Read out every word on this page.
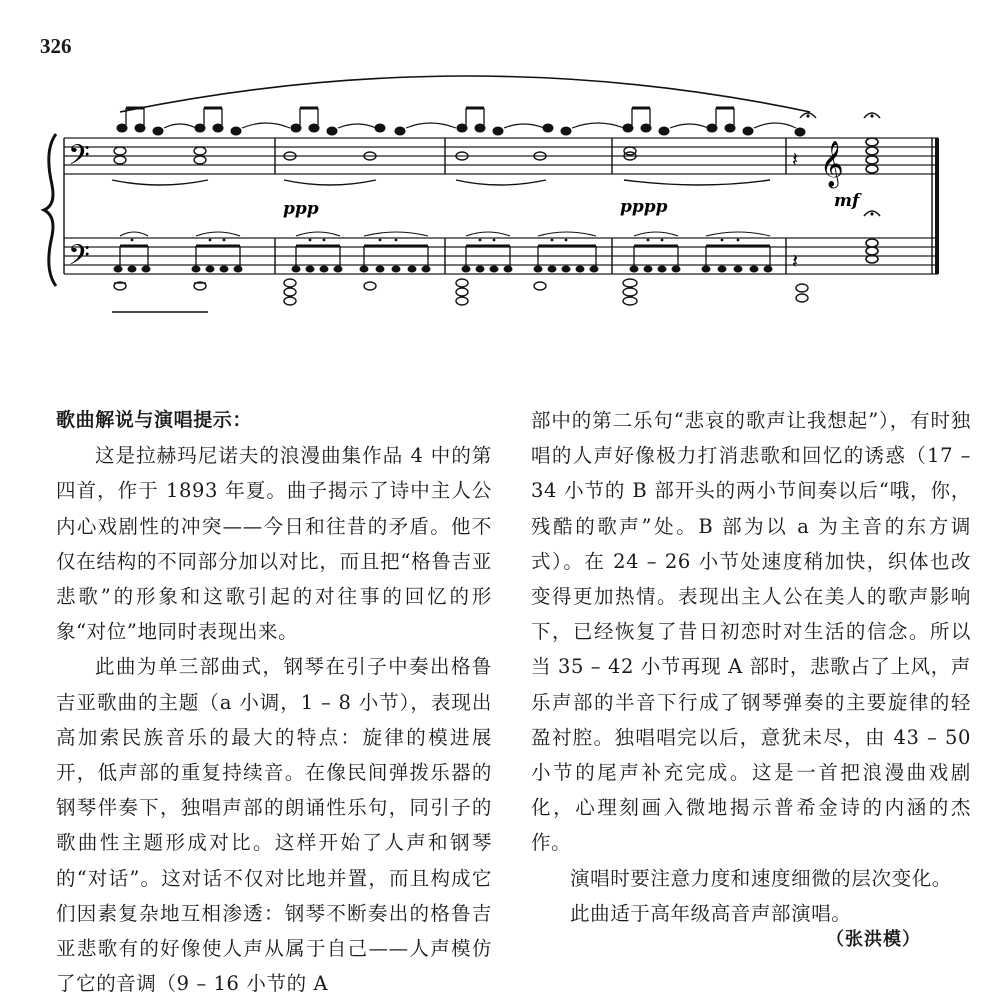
326
𝄢
𝄢
𝄞
ppp	pppp	mf
𝄽
𝄽

歌曲解说与演唱提示：

这是拉赫玛尼诺夫的浪漫曲集作品 4 中的第四首，作于 1893 年夏。曲子揭示了诗中主人公内心戏剧性的冲突——今日和往昔的矛盾。他不仅在结构的不同部分加以对比，而且把“格鲁吉亚悲歌”的形象和这歌引起的对往事的回忆的形象“对位”地同时表现出来。

此曲为单三部曲式，钢琴在引子中奏出格鲁吉亚歌曲的主题（a 小调，1 – 8 小节），表现出高加索民族音乐的最大的特点：旋律的模进展开，低声部的重复持续音。在像民间弹拨乐器的钢琴伴奏下，独唱声部的朗诵性乐句，同引子的歌曲性主题形成对比。这样开始了人声和钢琴的“对话”。这对话不仅对比地并置，而且构成它们因素复杂地互相渗透：钢琴不断奏出的格鲁吉亚悲歌有的好像使人声从属于自己——人声模仿了它的音调（9 – 16 小节的 A

部中的第二乐句“悲哀的歌声让我想起”），有时独唱的人声好像极力打消悲歌和回忆的诱惑（17 – 34 小节的 B 部开头的两小节间奏以后“哦，你，残酷的歌声”处。B 部为以 a 为主音的东方调式）。在 24 – 26 小节处速度稍加快，织体也改变得更加热情。表现出主人公在美人的歌声影响下，已经恢复了昔日初恋时对生活的信念。所以当 35 – 42 小节再现 A 部时，悲歌占了上风，声乐声部的半音下行成了钢琴弹奏的主要旋律的轻盈衬腔。独唱唱完以后，意犹未尽，由 43 – 50 小节的尾声补充完成。这是一首把浪漫曲戏剧化，心理刻画入微地揭示普希金诗的内涵的杰作。

演唱时要注意力度和速度细微的层次变化。

此曲适于高年级高音声部演唱。

（张洪模）
